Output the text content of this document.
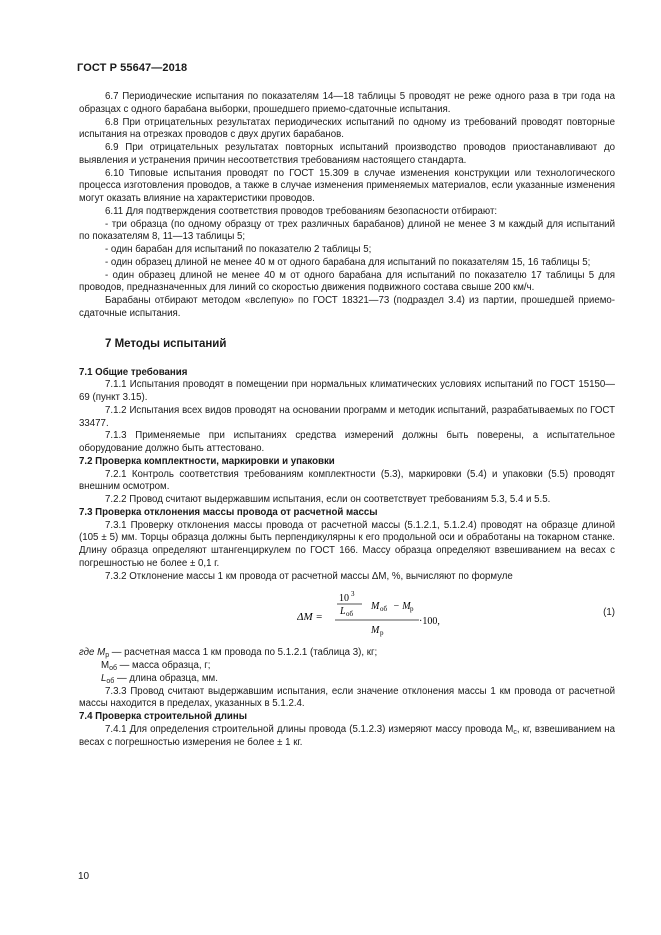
ГОСТ Р 55647—2018

6.7 Периодические испытания по показателям 14—18 таблицы 5 проводят не реже одного раза в три года на образцах с одного барабана выборки, прошедшего приемо-сдаточные испытания.

6.8 При отрицательных результатах периодических испытаний по одному из требований проводят повторные испытания на отрезках проводов с двух других барабанов.

6.9 При отрицательных результатах повторных испытаний производство проводов приостанавливают до выявления и устранения причин несоответствия требованиям настоящего стандарта.

6.10 Типовые испытания проводят по ГОСТ 15.309 в случае изменения конструкции или технологического процесса изготовления проводов, а также в случае изменения применяемых материалов, если указанные изменения могут оказать влияние на характеристики проводов.

6.11 Для подтверждения соответствия проводов требованиям безопасности отбирают:

- три образца (по одному образцу от трех различных барабанов) длиной не менее 3 м каждый для испытаний по показателям 8, 11—13 таблицы 5;

- один барабан для испытаний по показателю 2 таблицы 5;

- один образец длиной не менее 40 м от одного барабана для испытаний по показателям 15, 16 таблицы 5;

- один образец длиной не менее 40 м от одного барабана для испытаний по показателю 17 таблицы 5 для проводов, предназначенных для линий со скоростью движения подвижного состава свыше 200 км/ч.

Барабаны отбирают методом «вслепую» по ГОСТ 18321—73 (подраздел 3.4) из партии, прошедшей приемо-сдаточные испытания.

7 Методы испытаний

7.1 Общие требования

7.1.1 Испытания проводят в помещении при нормальных климатических условиях испытаний по ГОСТ 15150—69 (пункт 3.15).

7.1.2 Испытания всех видов проводят на основании программ и методик испытаний, разрабатываемых по ГОСТ 33477.

7.1.3 Применяемые при испытаниях средства измерений должны быть поверены, а испытательное оборудование должно быть аттестовано.

7.2 Проверка комплектности, маркировки и упаковки

7.2.1 Контроль соответствия требованиям комплектности (5.3), маркировки (5.4) и упаковки (5.5) проводят внешним осмотром.

7.2.2 Провод считают выдержавшим испытания, если он соответствует требованиям 5.3, 5.4 и 5.5.

7.3 Проверка отклонения массы провода от расчетной массы

7.3.1 Проверку отклонения массы провода от расчетной массы (5.1.2.1, 5.1.2.4) проводят на образце длиной (105 ± 5) мм. Торцы образца должны быть перпендикулярны к его продольной оси и обработаны на токарном станке. Длину образца определяют штангенциркулем по ГОСТ 166. Массу образца определяют взвешиванием на весах с погрешностью не более ± 0,1 г.

7.3.2 Отклонение массы 1 км провода от расчетной массы ΔM, %, вычисляют по формуле

ΔM =
10 3
L об
M об − M р
M р
·100,
(1)
где $M_р$ — расчетная масса 1 км провода по 5.1.2.1 (таблица 3), кг;
$M_{об}$ — масса образца, г;
$L_{об}$ — длина образца, мм.

7.3.3 Провод считают выдержавшим испытания, если значение отклонения массы 1 км провода от расчетной массы находится в пределах, указанных в 5.1.2.4.

7.4 Проверка строительной длины

7.4.1 Для определения строительной длины провода (5.1.2.3) измеряют массу провода $M_с$, кг, взвешиванием на весах с погрешностью измерения не более ± 1 кг.

10
